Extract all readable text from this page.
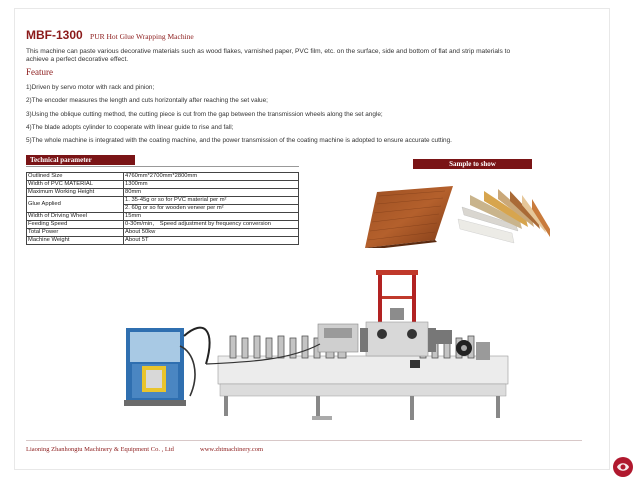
MBF-1300 PUR Hot Glue Wrapping Machine
This machine can paste various decorative materials such as wood flakes, varnished paper, PVC film, etc. on the surface, side and bottom of flat and strip materials to achieve a perfect decorative effect.
Feature
1)Driven by servo motor with rack and pinion;
2)The encoder measures the length and cuts horizontally after reaching the set value;
3)Using the oblique cutting method, the cutting piece is cut from the gap between the transmission wheels along the set angle;
4)The blade adopts cylinder to cooperate with linear guide to rise and fall;
5)The whole machine is integrated with the coating machine, and the power transmission of the coating machine is adopted to ensure accurate cutting.
Technical parameter
Outlined Size	4760mm*2700mm*2800mm
Width of PVC MATERIAL	1300mm
Maximum Working Height	80mm
Glue Applied	1. 35-45g or so for PVC material per m²
	2. 60g or so for wooden veneer per m²
Width of Driving Wheel	15mm
Feeding Speed	0-30m/min， Speed adjustment by frequency conversion
Total Power	About 50kw
Machine Weight	About 5T
Sample to show
Liaoning Zhanhongtu Machinery & Equipment Co. , Ltd	www.zhtmachinery.com
